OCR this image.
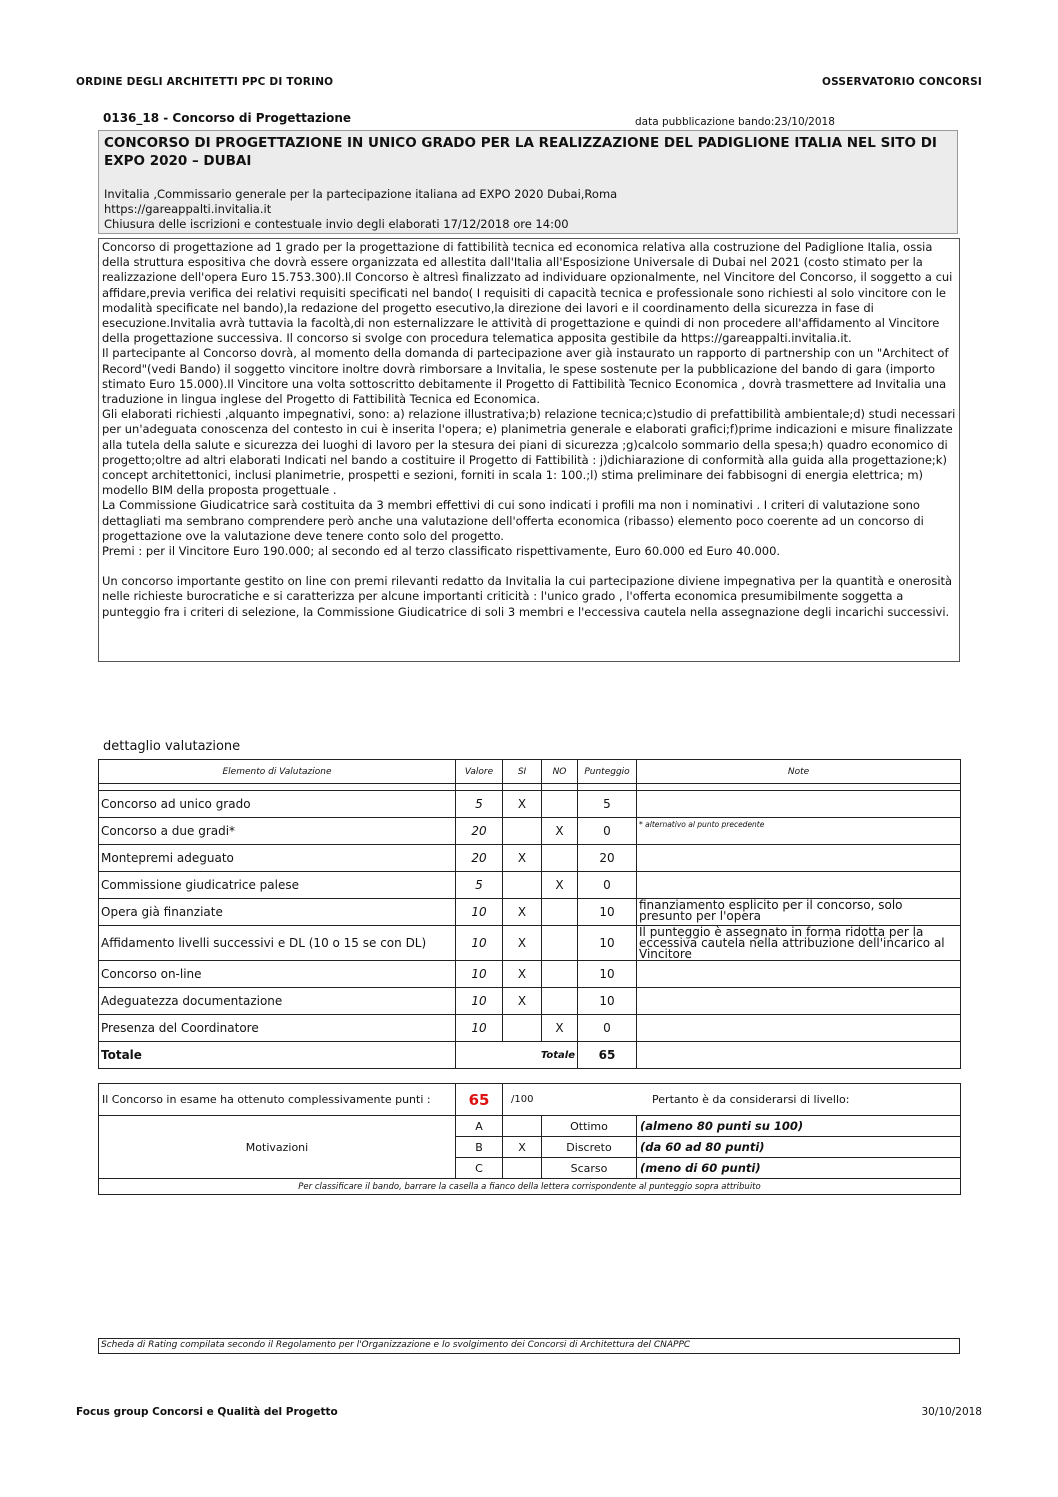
ORDINE DEGLI ARCHITETTI PPC DI TORINO	OSSERVATORIO CONCORSI
0136_18 - Concorso di Progettazione	data pubblicazione bando:23/10/2018
CONCORSO DI PROGETTAZIONE IN UNICO GRADO PER LA REALIZZAZIONE DEL PADIGLIONE ITALIA NEL SITO DI EXPO 2020 – DUBAI
Invitalia ,Commissario generale per la partecipazione italiana ad EXPO 2020 Dubai,Roma
https://gareappalti.invitalia.it
Chiusura delle iscrizioni e contestuale invio degli elaborati 17/12/2018 ore 14:00

Concorso di progettazione ad 1 grado per la progettazione di fattibilità tecnica ed economica relativa alla costruzione del Padiglione Italia, ossia della struttura espositiva che dovrà essere organizzata ed allestita dall'Italia all'Esposizione Universale di Dubai nel 2021 (costo stimato per la realizzazione dell'opera Euro 15.753.300).Il Concorso è altresì finalizzato ad individuare opzionalmente, nel Vincitore del Concorso, il soggetto a cui affidare,previa verifica dei relativi requisiti specificati nel bando( I requisiti di capacità tecnica e professionale sono richiesti al solo vincitore con le modalità specificate nel bando),la redazione del progetto esecutivo,la direzione dei lavori e il coordinamento della sicurezza in fase di esecuzione.Invitalia avrà tuttavia la facoltà,di non esternalizzare le attività di progettazione e quindi di non procedere all'affidamento al Vincitore della progettazione successiva. Il concorso si svolge con procedura telematica apposita gestibile da https://gareappalti.invitalia.it.

Il partecipante al Concorso dovrà, al momento della domanda di partecipazione aver già instaurato un rapporto di partnership con un "Architect of Record"(vedi Bando) il soggetto vincitore inoltre dovrà rimborsare a Invitalia, le spese sostenute per la pubblicazione del bando di gara (importo stimato Euro 15.000).Il Vincitore una volta sottoscritto debitamente il Progetto di Fattibilità Tecnico Economica , dovrà trasmettere ad Invitalia una traduzione in lingua inglese del Progetto di Fattibilità Tecnica ed Economica.

Gli elaborati richiesti ,alquanto impegnativi, sono: a) relazione illustrativa;b) relazione tecnica;c)studio di prefattibilità ambientale;d) studi necessari per un'adeguata conoscenza del contesto in cui è inserita l'opera; e) planimetria generale e elaborati grafici;f)prime indicazioni e misure finalizzate alla tutela della salute e sicurezza dei luoghi di lavoro per la stesura dei piani di sicurezza ;g)calcolo sommario della spesa;h) quadro economico di progetto;oltre ad altri elaborati Indicati nel bando a costituire il Progetto di Fattibilità : j)dichiarazione di conformità alla guida alla progettazione;k) concept architettonici, inclusi planimetrie, prospetti e sezioni, forniti in scala 1: 100.;l) stima preliminare dei fabbisogni di energia elettrica; m) modello BIM della proposta progettuale .

La Commissione Giudicatrice sarà costituita da 3 membri effettivi di cui sono indicati i profili ma non i nominativi . I criteri di valutazione sono dettagliati ma sembrano comprendere però anche una valutazione dell'offerta economica (ribasso) elemento poco coerente ad un concorso di progettazione ove la valutazione deve tenere conto solo del progetto.

Premi : per il Vincitore Euro 190.000; al secondo ed al terzo classificato rispettivamente, Euro 60.000 ed Euro 40.000.

Un concorso importante gestito on line con premi rilevanti redatto da Invitalia la cui partecipazione diviene impegnativa per la quantità e onerosità nelle richieste burocratiche e si caratterizza per alcune importanti criticità : l'unico grado , l'offerta economica presumibilmente soggetta a punteggio fra i criteri di selezione, la Commissione Giudicatrice di soli 3 membri e l'eccessiva cautela nella assegnazione degli incarichi successivi.

dettaglio valutazione
Elemento di Valutazione	Valore	SI	NO	Punteggio	Note

Concorso ad unico grado	5	X		5	
Concorso a due gradi*	20		X	0	* alternativo al punto precedente
Montepremi adeguato	20	X		20	
Commissione giudicatrice palese	5		X	0	
Opera già finanziate	10	X		10	finanziamento esplicito per il concorso, solo presunto per l'opera
Affidamento livelli successivi e DL (10 o 15 se con DL)	10	X		10	Il punteggio è assegnato in forma ridotta per la eccessiva cautela nella attribuzione dell'incarico al Vincitore
Concorso on-line	10	X		10	
Adeguatezza documentazione	10	X		10	
Presenza del Coordinatore	10		X	0	
Totale	Totale			65	
Il Concorso in esame ha ottenuto complessivamente punti :	65	/100	Pertanto è da considerarsi di livello:	
Motivazioni	A		Ottimo	(almeno 80 punti su 100)
	B	X	Discreto	(da 60 ad 80 punti)
	C		Scarso	(meno di 60 punti)
Per classificare il bando, barrare la casella a fianco della lettera corrispondente al punteggio sopra attribuito				
Scheda di Rating compilata secondo il Regolamento per l'Organizzazione e lo svolgimento dei Concorsi di Architettura del CNAPPC
Focus group Concorsi e Qualità del Progetto	30/10/2018
